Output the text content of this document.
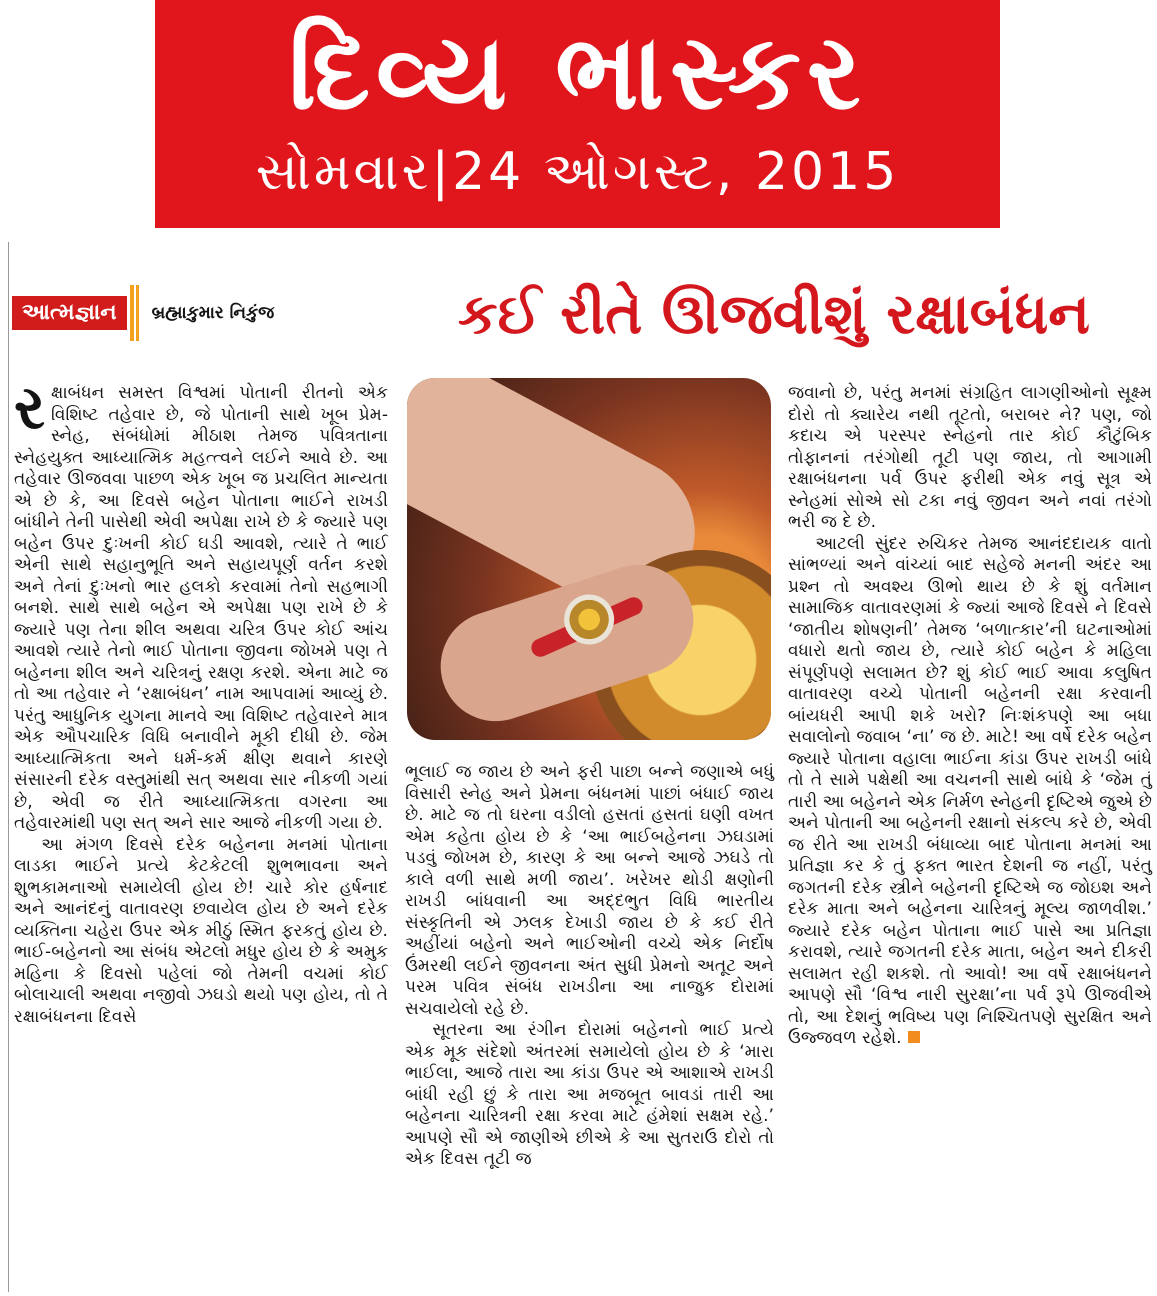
દિવ્ય ભાસ્કર
સોમવાર|24 ઓગસ્ટ, 2015
આત્મજ્ઞાન	બ્રહ્માકુમાર નિકુંજ	કઈ રીતે ઊજવીશું રક્ષાબંધન

રક્ષાબંધન સમસ્ત વિશ્વમાં પોતાની રીતનો એક વિશિષ્ટ તહેવાર છે, જે પોતાની સાથે ખૂબ પ્રેમ-સ્નેહ, સંબંધોમાં મીઠાશ તેમજ પવિત્રતાના સ્નેહયુક્ત આધ્યાત્મિક મહત્ત્વને લઈને આવે છે. આ તહેવાર ઊજવવા પાછળ એક ખૂબ જ પ્રચલિત માન્યતા એ છે કે, આ દિવસે બહેન પોતાના ભાઈને રાખડી બાંધીને તેની પાસેથી એવી અપેક્ષા રાખે છે કે જ્યારે પણ બહેન ઉપર દુઃખની કોઈ ઘડી આવશે, ત્યારે તે ભાઈ એની સાથે સહાનુભૂતિ અને સહાયપૂર્ણ વર્તન કરશે અને તેનાં દુઃખનો ભાર હલકો કરવામાં તેનો સહભાગી બનશે. સાથે સાથે બહેન એ અપેક્ષા પણ રાખે છે કે જ્યારે પણ તેના શીલ અથવા ચરિત્ર ઉપર કોઈ આંચ આવશે ત્યારે તેનો ભાઈ પોતાના જીવના જોખમે પણ તે બહેનના શીલ અને ચરિત્રનું રક્ષણ કરશે. એના માટે જ તો આ તહેવાર ને ‘રક્ષાબંધન’ નામ આપવામાં આવ્યું છે. પરંતુ આધુનિક યુગના માનવે આ વિશિષ્ટ તહેવારને માત્ર એક ઔપચારિક વિધિ બનાવીને મૂકી દીધી છે. જેમ આધ્યાત્મિકતા અને ધર્મ-કર્મ ક્ષીણ થવાને કારણે સંસારની દરેક વસ્તુમાંથી સત્ અથવા સાર નીકળી ગયાં છે, એવી જ રીતે આધ્યાત્મિકતા વગરના આ તહેવારમાંથી પણ સત્ અને સાર આજે નીકળી ગયા છે.

આ મંગળ દિવસે દરેક બહેનના મનમાં પોતાના લાડકા ભાઈને પ્રત્યે કેટકેટલી શુભભાવના અને શુભકામનાઓ સમાયેલી હોય છે! ચારે કોર હર્ષનાદ અને આનંદનું વાતાવરણ છવાયેલ હોય છે અને દરેક વ્યક્તિના ચહેરા ઉપર એક મીઠું સ્મિત ફરકતું હોય છે. ભાઈ-બહેનનો આ સંબંધ એટલો મધુર હોય છે કે અમુક મહિના કે દિવસો પહેલાં જો તેમની વચમાં કોઈ બોલાચાલી અથવા નજીવો ઝઘડો થયો પણ હોય, તો તે રક્ષાબંધનના દિવસે

ભૂલાઈ જ જાય છે અને ફરી પાછા બન્ને જણાએ બધું વિસારી સ્નેહ અને પ્રેમના બંધનમાં પાછાં બંધાઈ જાય છે. માટે જ તો ઘરના વડીલો હસતાં હસતાં ઘણી વખત એમ કહેતા હોય છે કે ‘આ ભાઈબહેનના ઝઘડામાં પડવું જોખમ છે, કારણ કે આ બન્ને આજે ઝઘડે તો કાલે વળી સાથે મળી જાય’. ખરેખર થોડી ક્ષણોની રાખડી બાંધવાની આ અદ્દભુત વિધિ ભારતીય સંસ્કૃતિની એ ઝલક દેખાડી જાય છે કે કઈ રીતે અહીંયાં બહેનો અને ભાઈઓની વચ્ચે એક નિર્દોષ ઉંમરથી લઈને જીવનના અંત સુધી પ્રેમનો અતૂટ અને પરમ પવિત્ર સંબંધ રાખડીના આ નાજુક દોરામાં સચવાયેલો રહે છે.

સૂતરના આ રંગીન દોરામાં બહેનનો ભાઈ પ્રત્યે એક મૂક સંદેશો અંતરમાં સમાયેલો હોય છે કે ‘મારા ભાઈલા, આજે તારા આ કાંડા ઉપર એ આશાએ રાખડી બાંધી રહી છું કે તારા આ મજબૂત બાવડાં તારી આ બહેનના ચારિત્રની રક્ષા કરવા માટે હંમેશાં સક્ષમ રહે.’ આપણે સૌ એ જાણીએ છીએ કે આ સુતરાઉ દોરો તો એક દિવસ તૂટી જ

જવાનો છે, પરંતુ મનમાં સંગ્રહિત લાગણીઓનો સૂક્ષ્મ દોરો તો ક્યારેય નથી તૂટતો, બરાબર ને? પણ, જો કદાચ એ પરસ્પર સ્નેહનો તાર કોઈ કૌટુંબિક તોફાનનાં તરંગોથી તૂટી પણ જાય, તો આગામી રક્ષાબંધનના પર્વ ઉપર ફરીથી એક નવું સૂત્ર એ સ્નેહમાં સોએ સો ટકા નવું જીવન અને નવાં તરંગો ભરી જ દે છે.

આટલી સુંદર રુચિકર તેમજ આનંદદાયક વાતો સાંભળ્યાં અને વાંચ્યાં બાદ સહેજે મનની અંદર આ પ્રશ્ન તો અવશ્ય ઊભો થાય છે કે શું વર્તમાન સામાજિક વાતાવરણમાં કે જ્યાં આજે દિવસે ને દિવસે ‘જાતીય શોષણની’ તેમજ ‘બળાત્કાર’ની ઘટનાઓમાં વધારો થતો જાય છે, ત્યારે કોઈ બહેન કે મહિલા સંપૂર્ણપણે સલામત છે? શું કોઈ ભાઈ આવા કલુષિત વાતાવરણ વચ્ચે પોતાની બહેનની રક્ષા કરવાની બાંયધરી આપી શકે ખરો? નિઃશંકપણે આ બધા સવાલોનો જવાબ ‘ના’ જ છે. માટે! આ વર્ષે દરેક બહેન જ્યારે પોતાના વહાલા ભાઈના કાંડા ઉપર રાખડી બાંધે તો તે સામે પક્ષેથી આ વચનની સાથે બાંધે કે ‘જેમ તું તારી આ બહેનને એક નિર્મળ સ્નેહની દૃષ્ટિએ જુએ છે અને પોતાની આ બહેનની રક્ષાનો સંકલ્પ કરે છે, એવી જ રીતે આ રાખડી બંધાવ્યા બાદ પોતાના મનમાં આ પ્રતિજ્ઞા કર કે તું ફક્ત ભારત દેશની જ નહીં, પરંતુ જગતની દરેક સ્ત્રીને બહેનની દૃષ્ટિએ જ જોઇશ અને દરેક માતા અને બહેનના ચારિત્રનું મૂલ્ય જાળવીશ.’ જ્યારે દરેક બહેન પોતાના ભાઈ પાસે આ પ્રતિજ્ઞા કરાવશે, ત્યારે જગતની દરેક માતા, બહેન અને દીકરી સલામત રહી શકશે. તો આવો! આ વર્ષે રક્ષાબંધનને આપણે સૌ ‘વિશ્વ નારી સુરક્ષા’ના પર્વ રૂપે ઊજવીએ તો, આ દેશનું ભવિષ્ય પણ નિશ્ચિતપણે સુરક્ષિત અને ઉજ્જવળ રહેશે.
